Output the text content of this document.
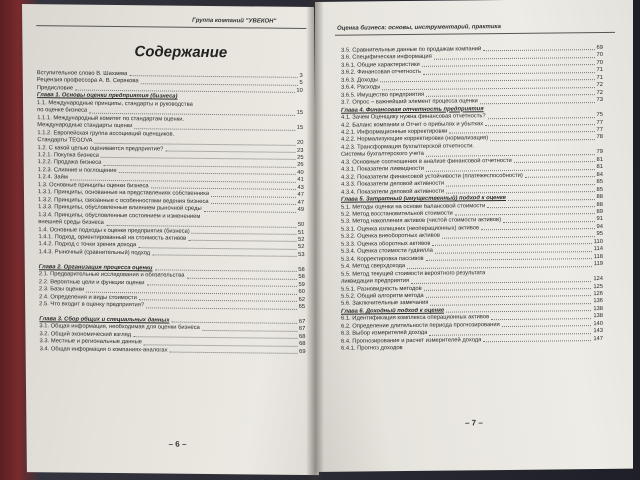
Группа компаний "УВЕКОН"
Содержание
Вступительное слово В. Шахаева	3
Рецензия профессора А. В. Серякова	5
Предисловие	10
Глава 1. Основы оценки предприятия (бизнеса)
1.1. Международные принципы, стандарты и руководства
по оценке бизнеса	15
1.1.1. Международный комитет по стандартам оценки.
Международные стандарты оценки	15
1.1.2. Европейская группа ассоциаций оценщиков.
Стандарты TEGOVA	20
1.2. С какой целью оценивается предприятие?	23
1.2.1. Покупка бизнеса	25
1.2.2. Продажа бизнеса	26
1.2.3. Слияние и поглощение	40
1.2.4. Займ	41
1.3. Основные принципы оценки бизнеса	43
1.3.1. Принципы, основанные на представлениях собственника	47
1.3.2. Принципы, связанные с особенностями ведения бизнеса	47
1.3.3. Принципы, обусловленные влиянием рыночной среды	49
1.3.4. Принципы, обусловленные состоянием и изменением
внешней среды бизнеса	50
1.4. Основные подходы к оценке предприятия (бизнеса)	51
1.4.1. Подход, ориентированный на стоимость активов	52
1.4.2. Подход с точки зрения дохода	52
1.4.3. Рыночный (сравнительный) подход	53

Глава 2. Организация процесса оценки	58
2.1. Предварительные исследования и обязательства	58
2.2. Вероятные цели и функции оценки	59
2.3. Базы оценки	60
2.4. Определения и виды стоимости	62
2.5. Что входит в оценку предприятия?	65

Глава 3. Сбор общих и специальных данных	67
3.1. Общая информация, необходимая для оценки бизнеса	67
3.2. Общий экономический взгляд	68
3.3. Местные и региональные данные	68
3.4. Общая информация о компаниях-аналогах	69
– 6 –
Оценка бизнеса: основы, инструментарий, практика
3.5. Сравнительные данные по продажам компаний	69
3.6. Специфическая информация	70
3.6.1. Общие характеристики	70
3.6.2. Финансовая отчетность	71
3.6.3. Доходы	71
3.6.4. Расходы	72
3.6.5. Имущество предприятия	72
3.7. Опрос – важнейший элемент процесса оценки	73
Глава 4. Финансовая отчетность предприятия
4.1. Зачем Оценщику нужна финансовая отчетность?	75
4.2. Баланс компании и Отчет о прибылях и убытках	77
4.2.1. Информационные корректировки	77
4.2.2. Нормализующие корректировки (нормализация)	78
4.2.3. Трансформация бухгалтерской отчетности.
Системы бухгалтерского учета	79
4.3. Основные соотношения в анализе финансовой отчетности	81
4.3.1. Показатели ликвидности	81
4.3.2. Показатели финансовой устойчивости (платежеспособности)	84
4.3.3. Показатели деловой активности	85
4.3.4. Показатели деловой активности	85
Глава 5. Затратный (имущественный) подход к оценке	88
5.1. Методы оценки на основе балансовой стоимости	88
5.2. Метод восстановительной стоимости	89
5.3. Метод накопления активов (чистой стоимости активов)	91
5.3.1. Оценка излишних (неоперационных) активов	94
5.3.2. Оценка внеоборотных активов	95
5.3.3. Оценка оборотных активов	110
5.3.4. Оценка стоимости гудвилла	114
5.3.4. Корректировка пассивов	118
5.4. Метод сверхдохода	119
5.5. Метод текущей стоимости вероятного результата
ликвидации предприятия	124
5.5.1. Разновидность методов	125
5.5.2. Общий алгоритм метода	126
5.6. Заключительные замечания	136
Глава 6. Доходный подход к оценке	138
6.1. Идентификация комплекса операционных активов	138
6.2. Определение длительности периода прогнозирования	140
6.3. Выбор измерителей дохода	143
6.4. Прогнозирование и расчет измерителей дохода	147
6.4.1. Прогноз доходов
– 7 –
